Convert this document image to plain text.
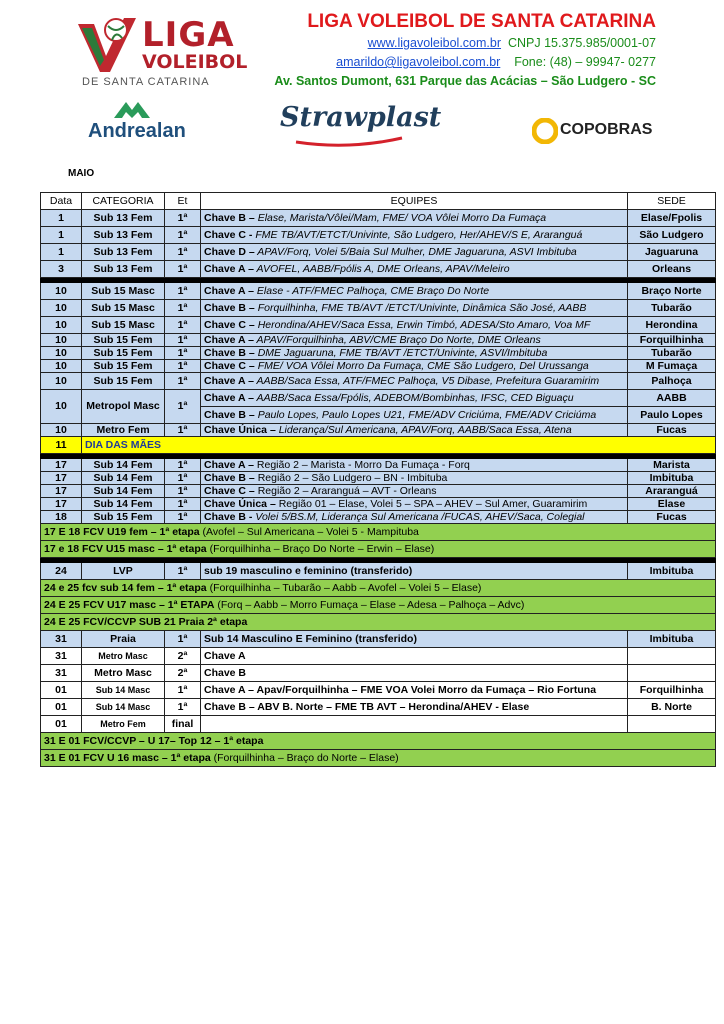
LIGA
VOLEIBOL
DE SANTA CATARINA
LIGA VOLEIBOL DE SANTA CATARINA
www.ligavoleibol.com.br CNPJ 15.375.985/0001-07
amarildo@ligavoleibol.com.br Fone: (48) – 99947- 0277
Av. Santos Dumont, 631 Parque das Acácias – São Ludgero - SC
Andrealan	Strawplast	COPOBRAS
MAIO
Data	CATEGORIA	Et	EQUIPES	SEDE
1	Sub 13 Fem	1ª	Chave B – Elase, Marista/Vôlei/Mam, FME/ VOA Vôlei Morro Da Fumaça	Elase/Fpolis
1	Sub 13 Fem	1ª	Chave C - FME TB/AVT/ETCT/Univinte, São Ludgero, Her/AHEV/S E, Araranguá	São Ludgero
1	Sub 13 Fem	1ª	Chave D – APAV/Forq, Volei 5/Baia Sul Mulher, DME Jaguaruna, ASVI Imbituba	Jaguaruna
3	Sub 13 Fem	1ª	Chave A – AVOFEL, AABB/Fpólis A, DME Orleans, APAV/Meleiro	Orleans

10	Sub 15 Masc	1ª	Chave A – Elase - ATF/FMEC Palhoça, CME Braço Do Norte	Braço Norte
10	Sub 15 Masc	1ª	Chave B – Forquilhinha, FME TB/AVT /ETCT/Univinte, Dinâmica São José, AABB	Tubarão
10	Sub 15 Masc	1ª	Chave C – Herondina/AHEV/Saca Essa, Erwin Timbó, ADESA/Sto Amaro, Voa MF	Herondina
10	Sub 15 Fem	1ª	Chave A – APAV/Forquilhinha, ABV/CME Braço Do Norte, DME Orleans	Forquilhinha
10	Sub 15 Fem	1ª	Chave B – DME Jaguaruna, FME TB/AVT /ETCT/Univinte, ASVI/Imbituba	Tubarão
10	Sub 15 Fem	1ª	Chave C – FME/ VOA Vôlei Morro Da Fumaça, CME São Ludgero, Del Urussanga	M Fumaça
10	Sub 15 Fem	1ª	Chave A – AABB/Saca Essa, ATF/FMEC Palhoça, V5 Dibase, Prefeitura Guaramirim	Palhoça
10	Metropol Masc	1ª	Chave A – AABB/Saca Essa/Fpólis, ADEBOM/Bombinhas, IFSC, CED Biguaçu	AABB
			Chave B – Paulo Lopes, Paulo Lopes U21, FME/ADV Criciúma, FME/ADV Criciúma	Paulo Lopes
10	Metro Fem	1ª	Chave Única – Liderança/Sul Americana, APAV/Forq, AABB/Saca Essa, Atena	Fucas
11	DIA DAS MÃES			

17	Sub 14 Fem	1ª	Chave A – Região 2 – Marista - Morro Da Fumaça - Forq	Marista
17	Sub 14 Fem	1ª	Chave B – Região 2 – São Ludgero – BN - Imbituba	Imbituba
17	Sub 14 Fem	1ª	Chave C – Região 2 – Araranguá – AVT - Orleans	Araranguá
17	Sub 14 Fem	1ª	Chave Única – Região 01 – Elase, Volei 5 – SPA – AHEV – Sul Amer, Guaramirim	Elase
18	Sub 15 Fem	1ª	Chave B - Volei 5/BS.M, Liderança Sul Americana /FUCAS, AHEV/Saca, Colegial	Fucas
17 E 18 FCV U19 fem – 1ª etapa (Avofel – Sul Americana – Volei 5 - Mampituba				
17 e 18 FCV U15 masc – 1ª etapa (Forquilhinha – Braço Do Norte – Erwin – Elase)				

24	LVP	1ª	sub 19 masculino e feminino (transferido)	Imbituba
24 e 25 fcv sub 14 fem – 1ª etapa (Forquilhinha – Tubarão – Aabb – Avofel – Volei 5 – Elase)				
24 E 25 FCV U17 masc – 1ª ETAPA (Forq – Aabb – Morro Fumaça – Elase – Adesa – Palhoça – Advc)				
24 E 25 FCV/CCVP SUB 21 Praia 2ª etapa				
31	Praia	1ª	Sub 14 Masculino E Feminino (transferido)	Imbituba
31	Metro Masc	2ª	Chave A	
31	Metro Masc	2ª	Chave B	
01	Sub 14 Masc	1ª	Chave A – Apav/Forquilhinha – FME VOA Volei Morro da Fumaça – Rio Fortuna	Forquilhinha
01	Sub 14 Masc	1ª	Chave B – ABV B. Norte – FME TB AVT – Herondina/AHEV - Elase	B. Norte
01	Metro Fem	final		
31 E 01 FCV/CCVP – U 17– Top 12 – 1ª etapa				
31 E 01 FCV U 16 masc – 1ª etapa (Forquilhinha – Braço do Norte – Elase)				
